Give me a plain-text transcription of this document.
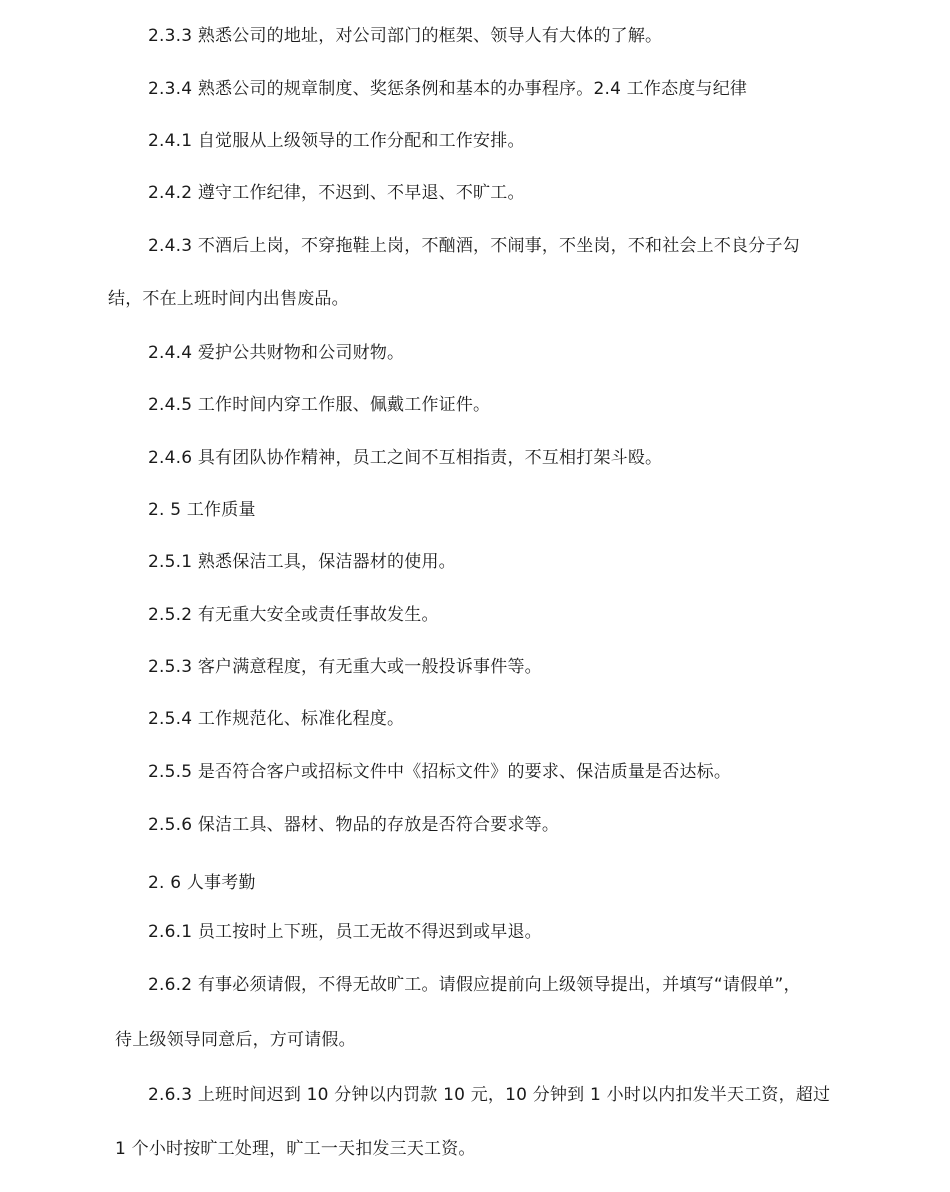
2.3.3 熟悉公司的地址，对公司部门的框架、领导人有大体的了解。
2.3.4 熟悉公司的规章制度、奖惩条例和基本的办事程序。2.4 工作态度与纪律
2.4.1 自觉服从上级领导的工作分配和工作安排。
2.4.2 遵守工作纪律，不迟到、不早退、不旷工。
2.4.3 不酒后上岗，不穿拖鞋上岗，不酗酒，不闹事，不坐岗，不和社会上不良分子勾
结，不在上班时间内出售废品。
2.4.4 爱护公共财物和公司财物。
2.4.5 工作时间内穿工作服、佩戴工作证件。
2.4.6 具有团队协作精神，员工之间不互相指责，不互相打架斗殴。
2. 5 工作质量
2.5.1 熟悉保洁工具，保洁器材的使用。
2.5.2 有无重大安全或责任事故发生。
2.5.3 客户满意程度，有无重大或一般投诉事件等。
2.5.4 工作规范化、标准化程度。
2.5.5 是否符合客户或招标文件中《招标文件》的要求、保洁质量是否达标。
2.5.6 保洁工具、器材、物品的存放是否符合要求等。
2. 6 人事考勤
2.6.1 员工按时上下班，员工无故不得迟到或早退。
2.6.2 有事必须请假，不得无故旷工。请假应提前向上级领导提出，并填写“请假单”，
待上级领导同意后，方可请假。
2.6.3 上班时间迟到 10 分钟以内罚款 10 元，10 分钟到 1 小时以内扣发半天工资，超过
1 个小时按旷工处理，旷工一天扣发三天工资。
